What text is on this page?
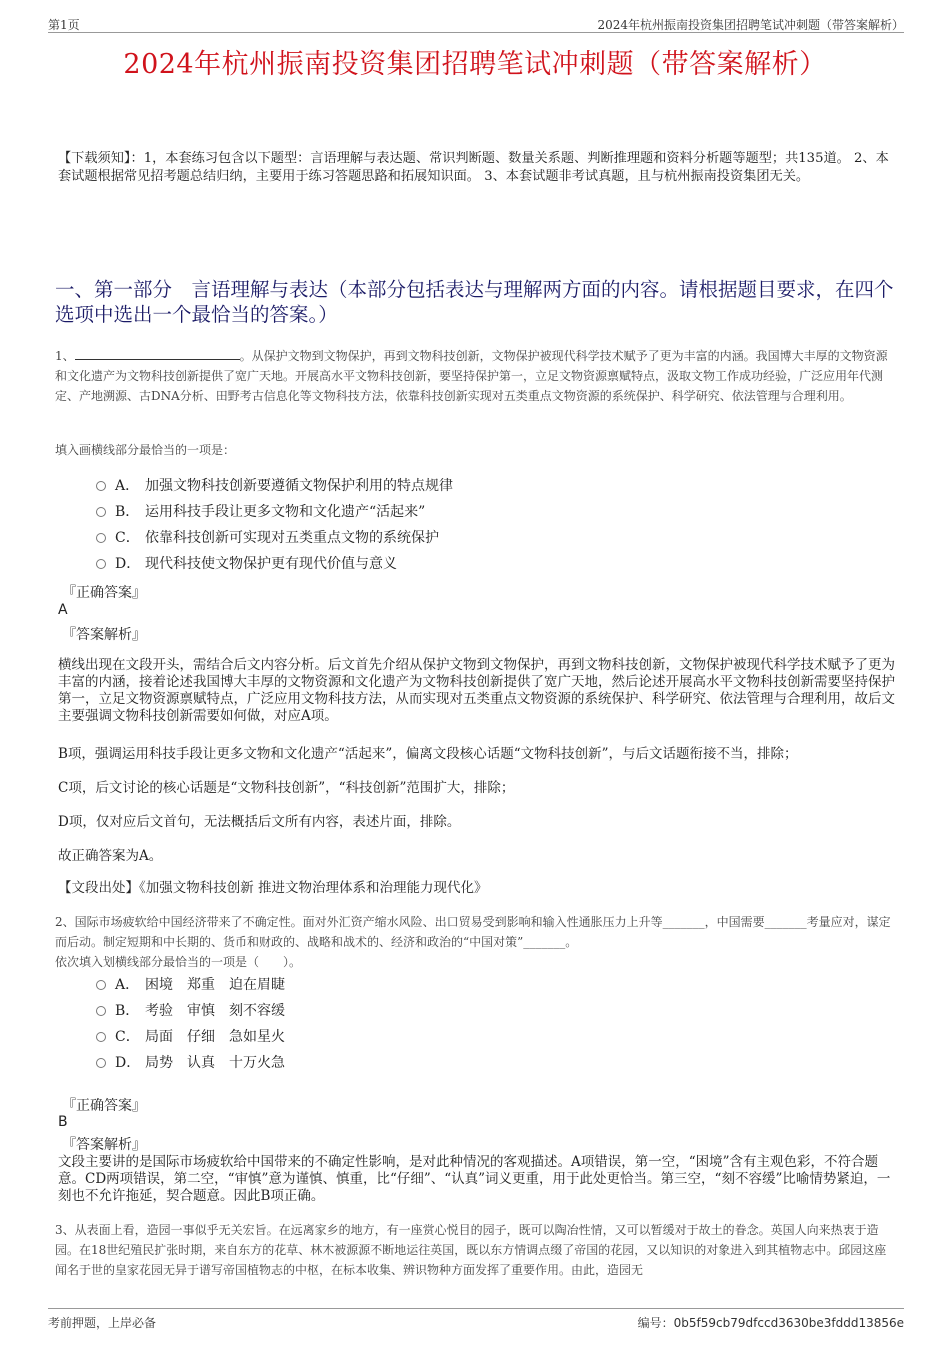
第1页	2024年杭州振南投资集团招聘笔试冲刺题（带答案解析）
2024年杭州振南投资集团招聘笔试冲刺题（带答案解析）
【下载须知】：1，本套练习包含以下题型：言语理解与表达题、常识判断题、数量关系题、判断推理题和资料分析题等题型；共135道。 2、本套试题根据常见招考题总结归纳，主要用于练习答题思路和拓展知识面。 3、本套试题非考试真题，且与杭州振南投资集团无关。
一、第一部分　言语理解与表达（本部分包括表达与理解两方面的内容。请根据题目要求，在四个选项中选出一个最恰当的答案。）
1、	。从保护文物到文物保护，再到文物科技创新，文物保护被现代科学技术赋予了更为丰富的内涵。我国博大丰厚的文物资源和文化遗产为文物科技创新提供了宽广天地。开展高水平文物科技创新，要坚持保护第一，立足文物资源禀赋特点，汲取文物工作成功经验，广泛应用年代测定、产地溯源、古DNA分析、田野考古信息化等文物科技方法，依靠科技创新实现对五类重点文物资源的系统保护、科学研究、依法管理与合理利用。
填入画横线部分最恰当的一项是：
A． 加强文物科技创新要遵循文物保护利用的特点规律
B． 运用科技手段让更多文物和文化遗产“活起来”
C． 依靠科技创新可实现对五类重点文物的系统保护
D． 现代科技使文物保护更有现代价值与意义
『正确答案』
A
『答案解析』
横线出现在文段开头，需结合后文内容分析。后文首先介绍从保护文物到文物保护，再到文物科技创新，文物保护被现代科学技术赋予了更为丰富的内涵，接着论述我国博大丰厚的文物资源和文化遗产为文物科技创新提供了宽广天地，然后论述开展高水平文物科技创新需要坚持保护第一，立足文物资源禀赋特点，广泛应用文物科技方法，从而实现对五类重点文物资源的系统保护、科学研究、依法管理与合理利用，故后文主要强调文物科技创新需要如何做，对应A项。
B项，强调运用科技手段让更多文物和文化遗产“活起来”，偏离文段核心话题“文物科技创新”，与后文话题衔接不当，排除；
C项，后文讨论的核心话题是“文物科技创新”，“科技创新”范围扩大，排除；
D项，仅对应后文首句，无法概括后文所有内容，表述片面，排除。
故正确答案为A。
【文段出处】《加强文物科技创新 推进文物治理体系和治理能力现代化》
2、国际市场疲软给中国经济带来了不确定性。面对外汇资产缩水风险、出口贸易受到影响和输入性通胀压力上升等_______，中国需要_______考量应对，谋定而后动。制定短期和中长期的、货币和财政的、战略和战术的、经济和政治的“中国对策”_______。
依次填入划横线部分最恰当的一项是（　　）。
A． 困境　郑重　迫在眉睫
B． 考验　审慎　刻不容缓
C． 局面　仔细　急如星火
D． 局势　认真　十万火急
『正确答案』
B
『答案解析』
文段主要讲的是国际市场疲软给中国带来的不确定性影响，是对此种情况的客观描述。A项错误，第一空，“困境”含有主观色彩，不符合题意。CD两项错误，第二空，“审慎”意为谨慎、慎重，比“仔细”、“认真”词义更重，用于此处更恰当。第三空，“刻不容缓”比喻情势紧迫，一刻也不允许拖延，契合题意。因此B项正确。
3、从表面上看，造园一事似乎无关宏旨。在远离家乡的地方，有一座赏心悦目的园子，既可以陶冶性情，又可以暂缓对于故土的眷念。英国人向来热衷于造园。在18世纪殖民扩张时期，来自东方的花草、林木被源源不断地运往英国，既以东方情调点缀了帝国的花园，又以知识的对象进入到其植物志中。邱园这座闻名于世的皇家花园无异于谱写帝国植物志的中枢，在标本收集、辨识物种方面发挥了重要作用。由此，造园无
考前押题，上岸必备	编号：0b5f59cb79dfccd3630be3fddd13856e
